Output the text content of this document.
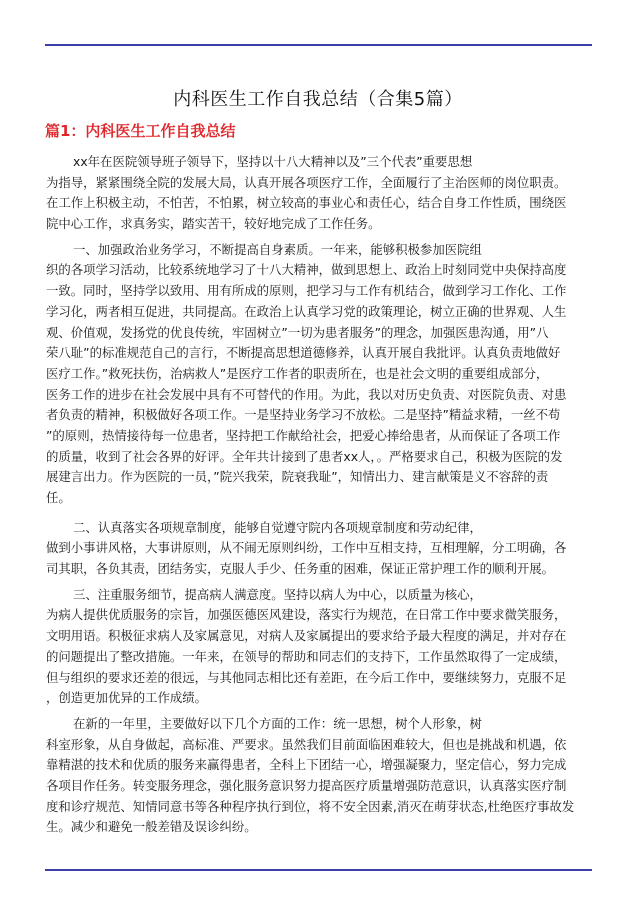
内科医生工作自我总结（合集5篇）
篇1：内科医生工作自我总结
xx年在医院领导班子领导下，坚持以十八大精神以及”三个代表”重要思想
为指导，紧紧围绕全院的发展大局，认真开展各项医疗工作，全面履行了主治医师的岗位职责。
在工作上积极主动，不怕苦，不怕累，树立较高的事业心和责任心，结合自身工作性质，围绕医
院中心工作，求真务实，踏实苦干，较好地完成了工作任务。
一、加强政治业务学习，不断提高自身素质。一年来，能够积极参加医院组
织的各项学习活动，比较系统地学习了十八大精神，做到思想上、政治上时刻同党中央保持高度
一致。同时，坚持学以致用、用有所成的原则，把学习与工作有机结合，做到学习工作化、工作
学习化，两者相互促进，共同提高。在政治上认真学习党的政策理论，树立正确的世界观、人生
观、价值观，发扬党的优良传统，牢固树立”一切为患者服务”的理念，加强医患沟通，用”八
荣八耻”的标准规范自己的言行，不断提高思想道德修养，认真开展自我批评。认真负责地做好
医疗工作。”救死扶伤，治病救人”是医疗工作者的职责所在，也是社会文明的重要组成部分，
医务工作的进步在社会发展中具有不可替代的作用。为此，我以对历史负责、对医院负责、对患
者负责的精神，积极做好各项工作。一是坚持业务学习不放松。二是坚持”精益求精，一丝不苟
”的原则，热情接待每一位患者，坚持把工作献给社会，把爱心捧给患者，从而保证了各项工作
的质量，收到了社会各界的好评。全年共计接到了患者xx人，。严格要求自己，积极为医院的发
展建言出力。作为医院的一员，”院兴我荣，院衰我耻”，知情出力、建言献策是义不容辞的责
任。
二、认真落实各项规章制度，能够自觉遵守院内各项规章制度和劳动纪律，
做到小事讲风格，大事讲原则，从不闹无原则纠纷，工作中互相支持，互相理解，分工明确，各
司其职，各负其责，团结务实，克服人手少、任务重的困难，保证正常护理工作的顺利开展。
三、注重服务细节，提高病人满意度。坚持以病人为中心，以质量为核心，
为病人提供优质服务的宗旨，加强医德医风建设，落实行为规范，在日常工作中要求微笑服务，
文明用语。积极征求病人及家属意见，对病人及家属提出的要求给予最大程度的满足，并对存在
的问题提出了整改措施。一年来，在领导的帮助和同志们的支持下，工作虽然取得了一定成绩，
但与组织的要求还差的很远，与其他同志相比还有差距，在今后工作中，要继续努力，克服不足
，创造更加优异的工作成绩。
在新的一年里，主要做好以下几个方面的工作：统一思想，树个人形象，树
科室形象，从自身做起，高标准、严要求。虽然我们目前面临困难较大，但也是挑战和机遇，依
靠精湛的技术和优质的服务来赢得患者，全科上下团结一心，增强凝聚力，坚定信心，努力完成
各项目作任务。转变服务理念，强化服务意识努力提高医疗质量增强防范意识，认真落实医疗制
度和诊疗规范、知情同意书等各种程序执行到位，将不安全因素,消灭在萌芽状态,杜绝医疗事故发
生。减少和避免一般差错及误诊纠纷。
